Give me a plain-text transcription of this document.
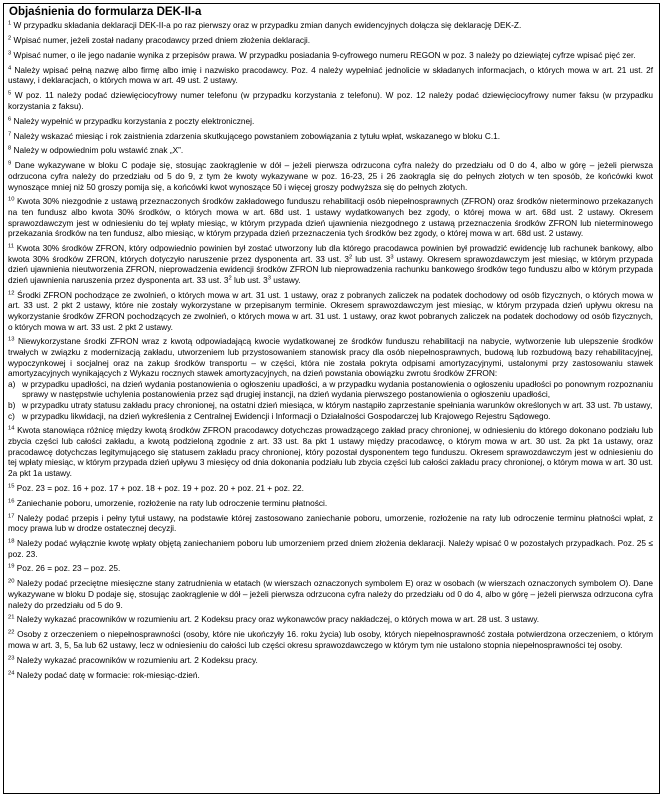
Objaśnienia do formularza DEK-II-a

$^1$ W przypadku składania deklaracji DEK-II-a po raz pierwszy oraz w przypadku zmian danych ewidencyjnych dołącza się deklarację DEK-Z.

$^2$ Wpisać numer, jeżeli został nadany pracodawcy przed dniem złożenia deklaracji.

$^3$ Wpisać numer, o ile jego nadanie wynika z przepisów prawa. W przypadku posiadania 9-cyfrowego numeru REGON w poz. 3 należy po dziewiątej cyfrze wpisać pięć zer.

$^4$ Należy wpisać pełną nazwę albo firmę albo imię i nazwisko pracodawcy. Poz. 4 należy wypełniać jednolicie w składanych informacjach, o których mowa w art. 21 ust. 2f ustawy, i deklaracjach, o których mowa w art. 49 ust. 2 ustawy.

$^5$ W poz. 11 należy podać dziewięciocyfrowy numer telefonu (w przypadku korzystania z telefonu). W poz. 12 należy podać dziewięciocyfrowy numer faksu (w przypadku korzystania z faksu).

$^6$ Należy wypełnić w przypadku korzystania z poczty elektronicznej.

$^7$ Należy wskazać miesiąc i rok zaistnienia zdarzenia skutkującego powstaniem zobowiązania z tytułu wpłat, wskazanego w bloku C.1.

$^8$ Należy w odpowiednim polu wstawić znak „X”.

$^9$ Dane wykazywane w bloku C podaje się, stosując zaokrąglenie w dół – jeżeli pierwsza odrzucona cyfra należy do przedziału od 0 do 4, albo w górę – jeżeli pierwsza odrzucona cyfra należy do przedziału od 5 do 9, z tym że kwoty wykazywane w poz. 16-23, 25 i 26 zaokrągla się do pełnych złotych w ten sposób, że końcówki kwot wynoszące mniej niż 50 groszy pomija się, a końcówki kwot wynoszące 50 i więcej groszy podwyższa się do pełnych złotych.

$^{10}$ Kwota 30% niezgodnie z ustawą przeznaczonych środków zakładowego funduszu rehabilitacji osób niepełnosprawnych (ZFRON) oraz środków nieterminowo przekazanych na ten fundusz albo kwota 30% środków, o których mowa w art. 68d ust. 1 ustawy wydatkowanych bez zgody, o której mowa w art. 68d ust. 2 ustawy. Okresem sprawozdawczym jest w odniesieniu do tej wpłaty miesiąc, w którym przypada dzień ujawnienia niezgodnego z ustawą przeznaczenia środków ZFRON lub nieterminowego przekazania środków na ten fundusz, albo miesiąc, w którym przypada dzień przeznaczenia tych środków bez zgody, o której mowa w art. 68d ust. 2 ustawy.

$^{11}$ Kwota 30% środków ZFRON, który odpowiednio powinien był zostać utworzony lub dla którego pracodawca powinien był prowadzić ewidencję lub rachunek bankowy, albo kwota 30% środków ZFRON, których dotyczyło naruszenie przez dysponenta art. 33 ust. $3^2$ lub ust. $3^3$ ustawy. Okresem sprawozdawczym jest miesiąc, w którym przypada dzień ujawnienia nieutworzenia ZFRON, nieprowadzenia ewidencji środków ZFRON lub nieprowadzenia rachunku bankowego środków tego funduszu albo w którym przypada dzień ujawnienia naruszenia przez dysponenta art. 33 ust. $3^2$ lub ust. $3^3$ ustawy.

$^{12}$ Środki ZFRON pochodzące ze zwolnień, o których mowa w art. 31 ust. 1 ustawy, oraz z pobranych zaliczek na podatek dochodowy od osób fizycznych, o których mowa w art. 33 ust. 2 pkt 2 ustawy, które nie zostały wykorzystane w przepisanym terminie. Okresem sprawozdawczym jest miesiąc, w którym przypada dzień upływu okresu na wykorzystanie środków ZFRON pochodzących ze zwolnień, o których mowa w art. 31 ust. 1 ustawy, oraz kwot pobranych zaliczek na podatek dochodowy od osób fizycznych, o których mowa w art. 33 ust. 2 pkt 2 ustawy.

$^{13}$ Niewykorzystane środki ZFRON wraz z kwotą odpowiadającą kwocie wydatkowanej ze środków funduszu rehabilitacji na nabycie, wytworzenie lub ulepszenie środków trwałych w związku z modernizacją zakładu, utworzeniem lub przystosowaniem stanowisk pracy dla osób niepełnosprawnych, budową lub rozbudową bazy rehabilitacyjnej, wypoczynkowej i socjalnej oraz na zakup środków transportu – w części, która nie została pokryta odpisami amortyzacyjnymi, ustalonymi przy zastosowaniu stawek amortyzacyjnych wynikających z Wykazu rocznych stawek amortyzacyjnych, na dzień powstania obowiązku zwrotu środków ZFRON:

a) w przypadku upadłości, na dzień wydania postanowienia o ogłoszeniu upadłości, a w przypadku wydania postanowienia o ogłoszeniu upadłości po ponownym rozpoznaniu sprawy w następstwie uchylenia postanowienia przez sąd drugiej instancji, na dzień wydania pierwszego postanowienia o ogłoszeniu upadłości,
b) w przypadku utraty statusu zakładu pracy chronionej, na ostatni dzień miesiąca, w którym nastąpiło zaprzestanie spełniania warunków określonych w art. 33 ust. 7b ustawy,
c) w przypadku likwidacji, na dzień wykreślenia z Centralnej Ewidencji i Informacji o Działalności Gospodarczej lub Krajowego Rejestru Sądowego.

$^{14}$ Kwota stanowiąca różnicę między kwotą środków ZFRON pracodawcy dotychczas prowadzącego zakład pracy chronionej, w odniesieniu do którego dokonano podziału lub zbycia części lub całości zakładu, a kwotą podzieloną zgodnie z art. 33 ust. 8a pkt 1 ustawy między pracodawcę, o którym mowa w art. 30 ust. 2a pkt 1a ustawy, oraz pracodawcę dotychczas legitymującego się statusem zakładu pracy chronionej, który pozostał dysponentem tego funduszu. Okresem sprawozdawczym jest w odniesieniu do tej wpłaty miesiąc, w którym przypada dzień upływu 3 miesięcy od dnia dokonania podziału lub zbycia części lub całości zakładu pracy chronionej, o którym mowa w art. 30 ust. 2a pkt 1a ustawy.

$^{15}$ Poz. 23 = poz. 16 + poz. 17 + poz. 18 + poz. 19 + poz. 20 + poz. 21 + poz. 22.

$^{16}$ Zaniechanie poboru, umorzenie, rozłożenie na raty lub odroczenie terminu płatności.

$^{17}$ Należy podać przepis i pełny tytuł ustawy, na podstawie której zastosowano zaniechanie poboru, umorzenie, rozłożenie na raty lub odroczenie terminu płatności wpłat, z mocy prawa lub w drodze ostatecznej decyzji.

$^{18}$ Należy podać wyłącznie kwotę wpłaty objętą zaniechaniem poboru lub umorzeniem przed dniem złożenia deklaracji. Należy wpisać 0 w pozostałych przypadkach. Poz. 25 ≤ poz. 23.

$^{19}$ Poz. 26 = poz. 23 – poz. 25.

$^{20}$ Należy podać przeciętne miesięczne stany zatrudnienia w etatach (w wierszach oznaczonych symbolem E) oraz w osobach (w wierszach oznaczonych symbolem O). Dane wykazywane w bloku D podaje się, stosując zaokrąglenie w dół – jeżeli pierwsza odrzucona cyfra należy do przedziału od 0 do 4, albo w górę – jeżeli pierwsza odrzucona cyfra należy do przedziału od 5 do 9.

$^{21}$ Należy wykazać pracowników w rozumieniu art. 2 Kodeksu pracy oraz wykonawców pracy nakładczej, o których mowa w art. 28 ust. 3 ustawy.

$^{22}$ Osoby z orzeczeniem o niepełnosprawności (osoby, które nie ukończyły 16. roku życia) lub osoby, których niepełnosprawność została potwierdzona orzeczeniem, o którym mowa w art. 3, 5, 5a lub 62 ustawy, lecz w odniesieniu do całości lub części okresu sprawozdawczego w którym tym nie ustalono stopnia niepełnosprawności tej osoby.

$^{23}$ Należy wykazać pracowników w rozumieniu art. 2 Kodeksu pracy.

$^{24}$ Należy podać datę w formacie: rok-miesiąc-dzień.
